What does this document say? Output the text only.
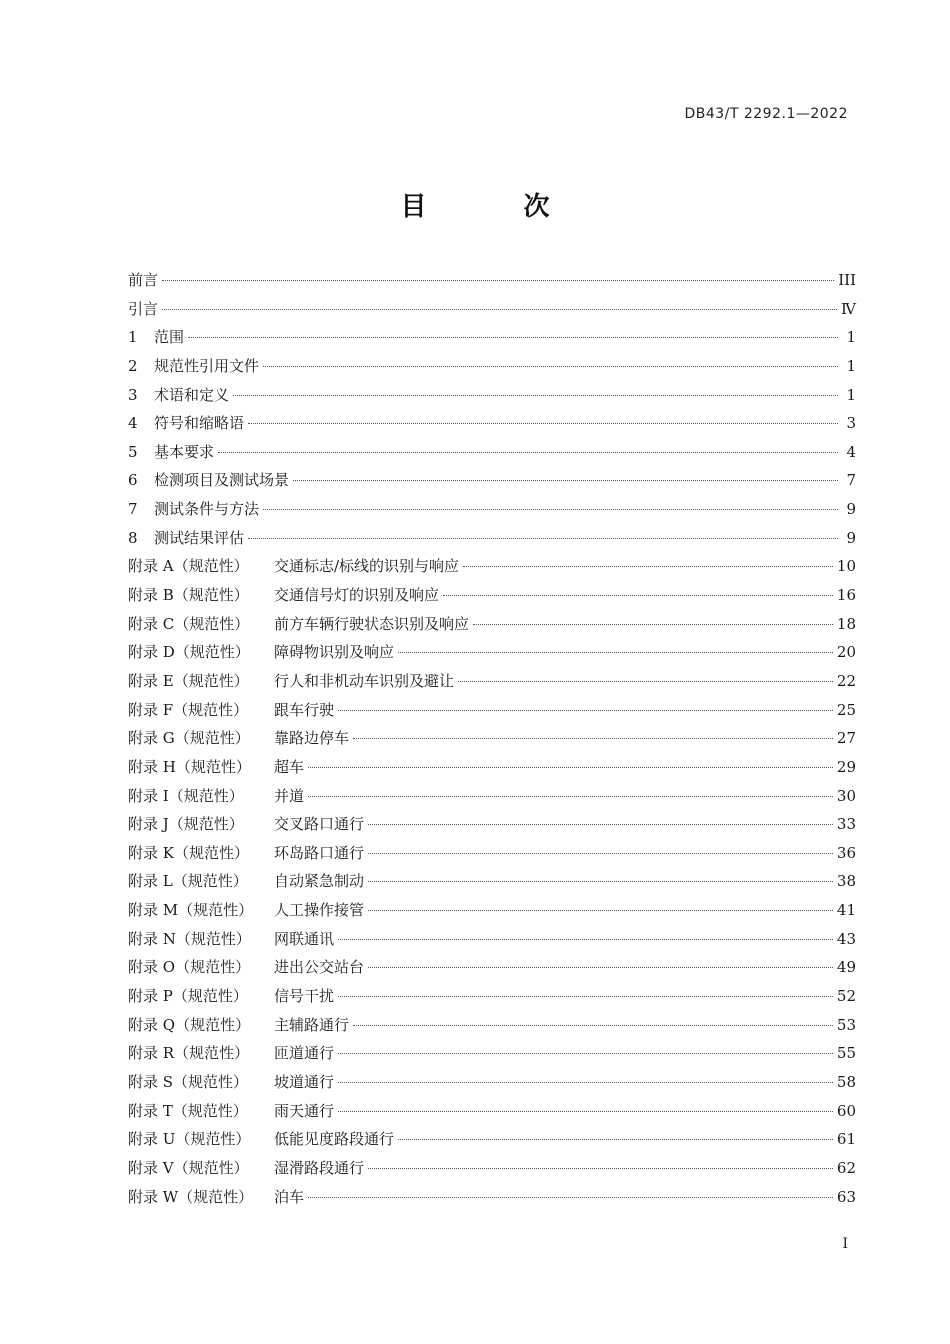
DB43/T 2292.1—2022
目 次
前言	III
引言	Ⅳ
1	范围	1
2	规范性引用文件	1
3	术语和定义	1
4	符号和缩略语	3
5	基本要求	4
6	检测项目及测试场景	7
7	测试条件与方法	9
8	测试结果评估	9
附录 A（规范性）	交通标志/标线的识别与响应	10
附录 B（规范性）	交通信号灯的识别及响应	16
附录 C（规范性）	前方车辆行驶状态识别及响应	18
附录 D（规范性）	障碍物识别及响应	20
附录 E（规范性）	行人和非机动车识别及避让	22
附录 F（规范性）	跟车行驶	25
附录 G（规范性）	靠路边停车	27
附录 H（规范性）	超车	29
附录 I（规范性）	并道	30
附录 J（规范性）	交叉路口通行	33
附录 K（规范性）	环岛路口通行	36
附录 L（规范性）	自动紧急制动	38
附录 M（规范性）	人工操作接管	41
附录 N（规范性）	网联通讯	43
附录 O（规范性）	进出公交站台	49
附录 P（规范性）	信号干扰	52
附录 Q（规范性）	主辅路通行	53
附录 R（规范性）	匝道通行	55
附录 S（规范性）	坡道通行	58
附录 T（规范性）	雨天通行	60
附录 U（规范性）	低能见度路段通行	61
附录 V（规范性）	湿滑路段通行	62
附录 W（规范性）	泊车	63
I
